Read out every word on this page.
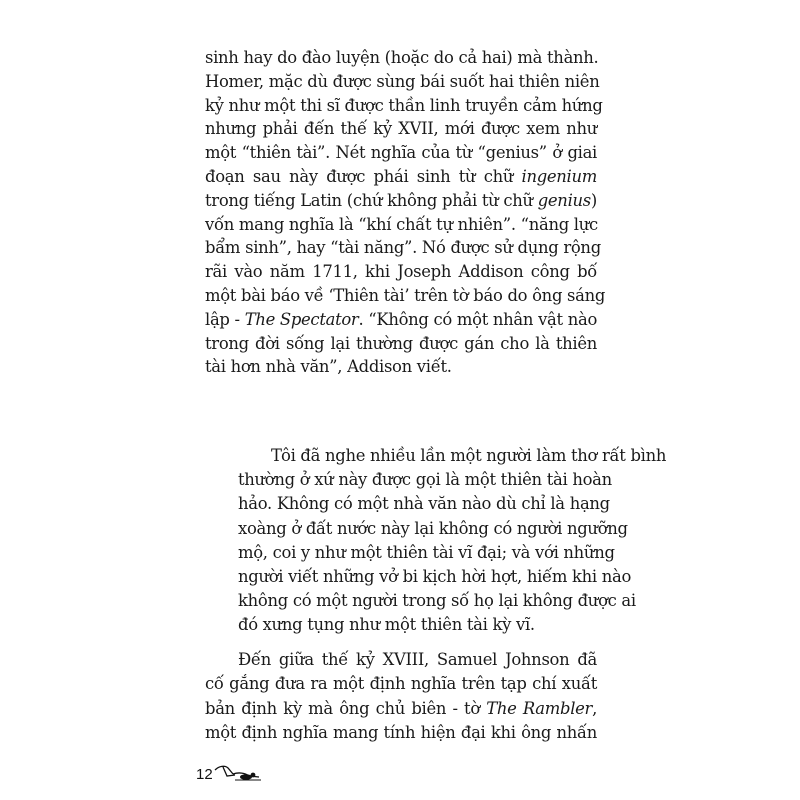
sinh hay do đào luyện (hoặc do cả hai) mà thành.
Homer, mặc dù được sùng bái suốt hai thiên niên
kỷ như một thi sĩ được thần linh truyền cảm hứng
nhưng phải đến thế kỷ XVII, mới được xem như
một “thiên tài”. Nét nghĩa của từ “genius” ở giai
đoạn sau này được phái sinh từ chữ ingenium
trong tiếng Latin (chứ không phải từ chữ genius)
vốn mang nghĩa là “khí chất tự nhiên”. “năng lực
bẩm sinh”, hay “tài năng”. Nó được sử dụng rộng
rãi vào năm 1711, khi Joseph Addison công bố
một bài báo về ‘Thiên tài’ trên tờ báo do ông sáng
lập - The Spectator. “Không có một nhân vật nào
trong đời sống lại thường được gán cho là thiên
tài hơn nhà văn”, Addison viết.
Tôi đã nghe nhiều lần một người làm thơ rất bình
thường ở xứ này được gọi là một thiên tài hoàn
hảo. Không có một nhà văn nào dù chỉ là hạng
xoàng ở đất nước này lại không có người ngưỡng
mộ, coi y như một thiên tài vĩ đại; và với những
người viết những vở bi kịch hời hợt, hiếm khi nào
không có một người trong số họ lại không được ai
đó xưng tụng như một thiên tài kỳ vĩ.
Đến giữa thế kỷ XVIII, Samuel Johnson đã
cố gắng đưa ra một định nghĩa trên tạp chí xuất
bản định kỳ mà ông chủ biên - tờ The Rambler,
một định nghĩa mang tính hiện đại khi ông nhấn
12
